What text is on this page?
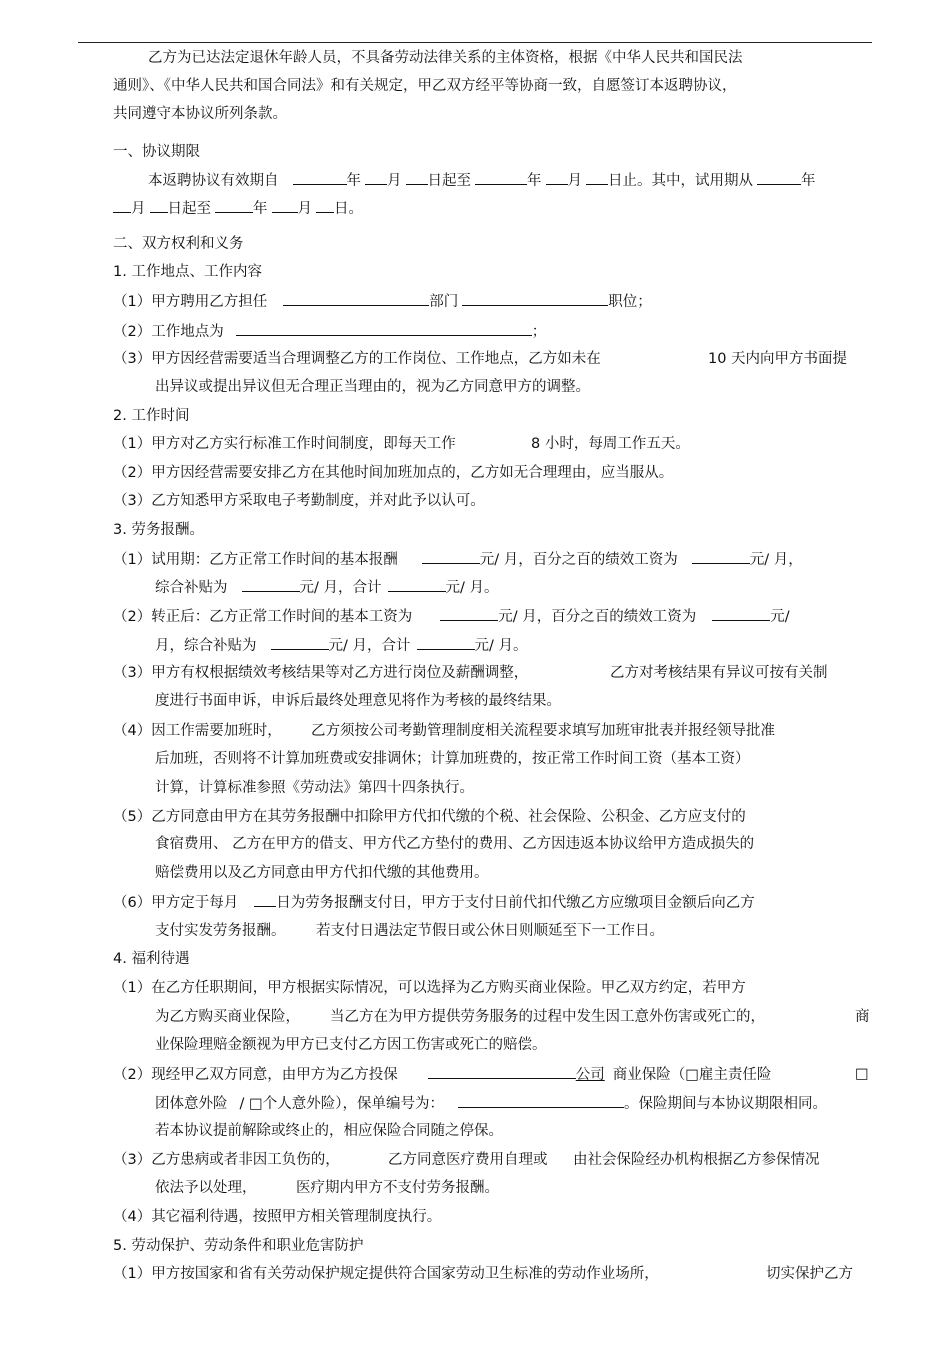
乙方为已达法定退休年龄人员，不具备劳动法律关系的主体资格，根据《中华人民共和国民法
通则》、《中华人民共和国合同法》和有关规定，甲乙双方经平等协商一致，自愿签订本返聘协议，
共同遵守本协议所列条款。
一、协议期限
本返聘协议有效期自	年 月 日起至	年 月 日止。其中，试用期从	年
月 日起至	年 月 日。
二、双方权利和义务
1. 工作地点、工作内容
（1）甲方聘用乙方担任	部门	职位；
（2）工作地点为	；
（3）甲方因经营需要适当合理调整乙方的工作岗位、工作地点，乙方如未在	10 天内向甲方书面提
出异议或提出异议但无合理正当理由的，视为乙方同意甲方的调整。
2. 工作时间
（1）甲方对乙方实行标准工作时间制度，即每天工作	8 小时，每周工作五天。
（2）甲方因经营需要安排乙方在其他时间加班加点的，乙方如无合理理由，应当服从。
（3）乙方知悉甲方采取电子考勤制度，并对此予以认可。
3. 劳务报酬。
（1）试用期：乙方正常工作时间的基本报酬	元/ 月，百分之百的绩效工资为	元/ 月，
综合补贴为	元/ 月，合计	元/ 月。
（2）转正后：乙方正常工作时间的基本工资为	元/ 月，百分之百的绩效工资为	元/
月，综合补贴为	元/ 月，合计	元/ 月。
（3）甲方有权根据绩效考核结果等对乙方进行岗位及薪酬调整，	乙方对考核结果有异议可按有关制
度进行书面申诉，申诉后最终处理意见将作为考核的最终结果。
（4）因工作需要加班时， 乙方须按公司考勤管理制度相关流程要求填写加班审批表并报经领导批准
后加班，否则将不计算加班费或安排调休；计算加班费的，按正常工作时间工资（基本工资）
计算，计算标准参照《劳动法》第四十四条执行。
（5）乙方同意由甲方在其劳务报酬中扣除甲方代扣代缴的个税、社会保险、公积金、乙方应支付的
食宿费用、 乙方在甲方的借支、甲方代乙方垫付的费用、乙方因违返本协议给甲方造成损失的
赔偿费用以及乙方同意由甲方代扣代缴的其他费用。
（6）甲方定于每月	日为劳务报酬支付日，甲方于支付日前代扣代缴乙方应缴项目金额后向乙方
支付实发劳务报酬。 若支付日遇法定节假日或公休日则顺延至下一工作日。
4. 福利待遇
（1）在乙方任职期间，甲方根据实际情况，可以选择为乙方购买商业保险。甲乙双方约定，若甲方
为乙方购买商业保险， 当乙方在为甲方提供劳务服务的过程中发生因工意外伤害或死亡的，	商
业保险理赔金额视为甲方已支付乙方因工伤害或死亡的赔偿。
（2）现经甲乙双方同意，由甲方为乙方投保	公司 商业保险（□雇主责任险	□
团体意外险 / □个人意外险），保单编号为：	。保险期间与本协议期限相同。
若本协议提前解除或终止的，相应保险合同随之停保。
（3）乙方患病或者非因工负伤的，	乙方同意医疗费用自理或 由社会保险经办机构根据乙方参保情况
依法予以处理，	医疗期内甲方不支付劳务报酬。
（4）其它福利待遇，按照甲方相关管理制度执行。
5. 劳动保护、劳动条件和职业危害防护
（1）甲方按国家和省有关劳动保护规定提供符合国家劳动卫生标准的劳动作业场所，	切实保护乙方
